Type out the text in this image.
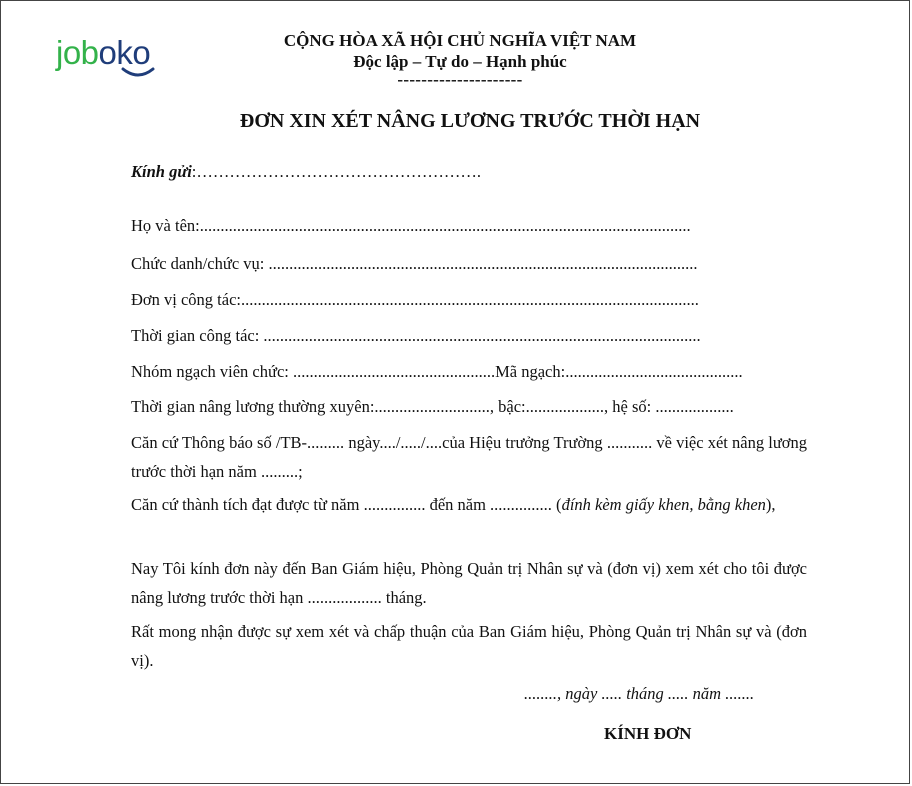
joboko	CỘNG HÒA XÃ HỘI CHỦ NGHĨA VIỆT NAM
Độc lập – Tự do – Hạnh phúc
---------------------
ĐƠN XIN XÉT NÂNG LƯƠNG TRƯỚC THỜI HẠN
Kính gửi:…………………………………………….
Họ và tên:.......................................................................................................................
Chức danh/chức vụ: ........................................................................................................
Đơn vị công tác:...............................................................................................................
Thời gian công tác: ..........................................................................................................
Nhóm ngạch viên chức: .................................................Mã ngạch:...........................................
Thời gian nâng lương thường xuyên:............................, bậc:..................., hệ số: ...................
Căn cứ Thông báo số /TB-......... ngày..../...../....của Hiệu trưởng Trường ........... về việc xét nâng lương trước thời hạn năm .........;
Căn cứ thành tích đạt được từ năm ............... đến năm ............... (đính kèm giấy khen, bằng khen),
Nay Tôi kính đơn này đến Ban Giám hiệu, Phòng Quản trị Nhân sự và (đơn vị) xem xét cho tôi được nâng lương trước thời hạn .................. tháng.
Rất mong nhận được sự xem xét và chấp thuận của Ban Giám hiệu, Phòng Quản trị Nhân sự và (đơn vị).
........, ngày ..... tháng ..... năm .......
KÍNH ĐƠN
